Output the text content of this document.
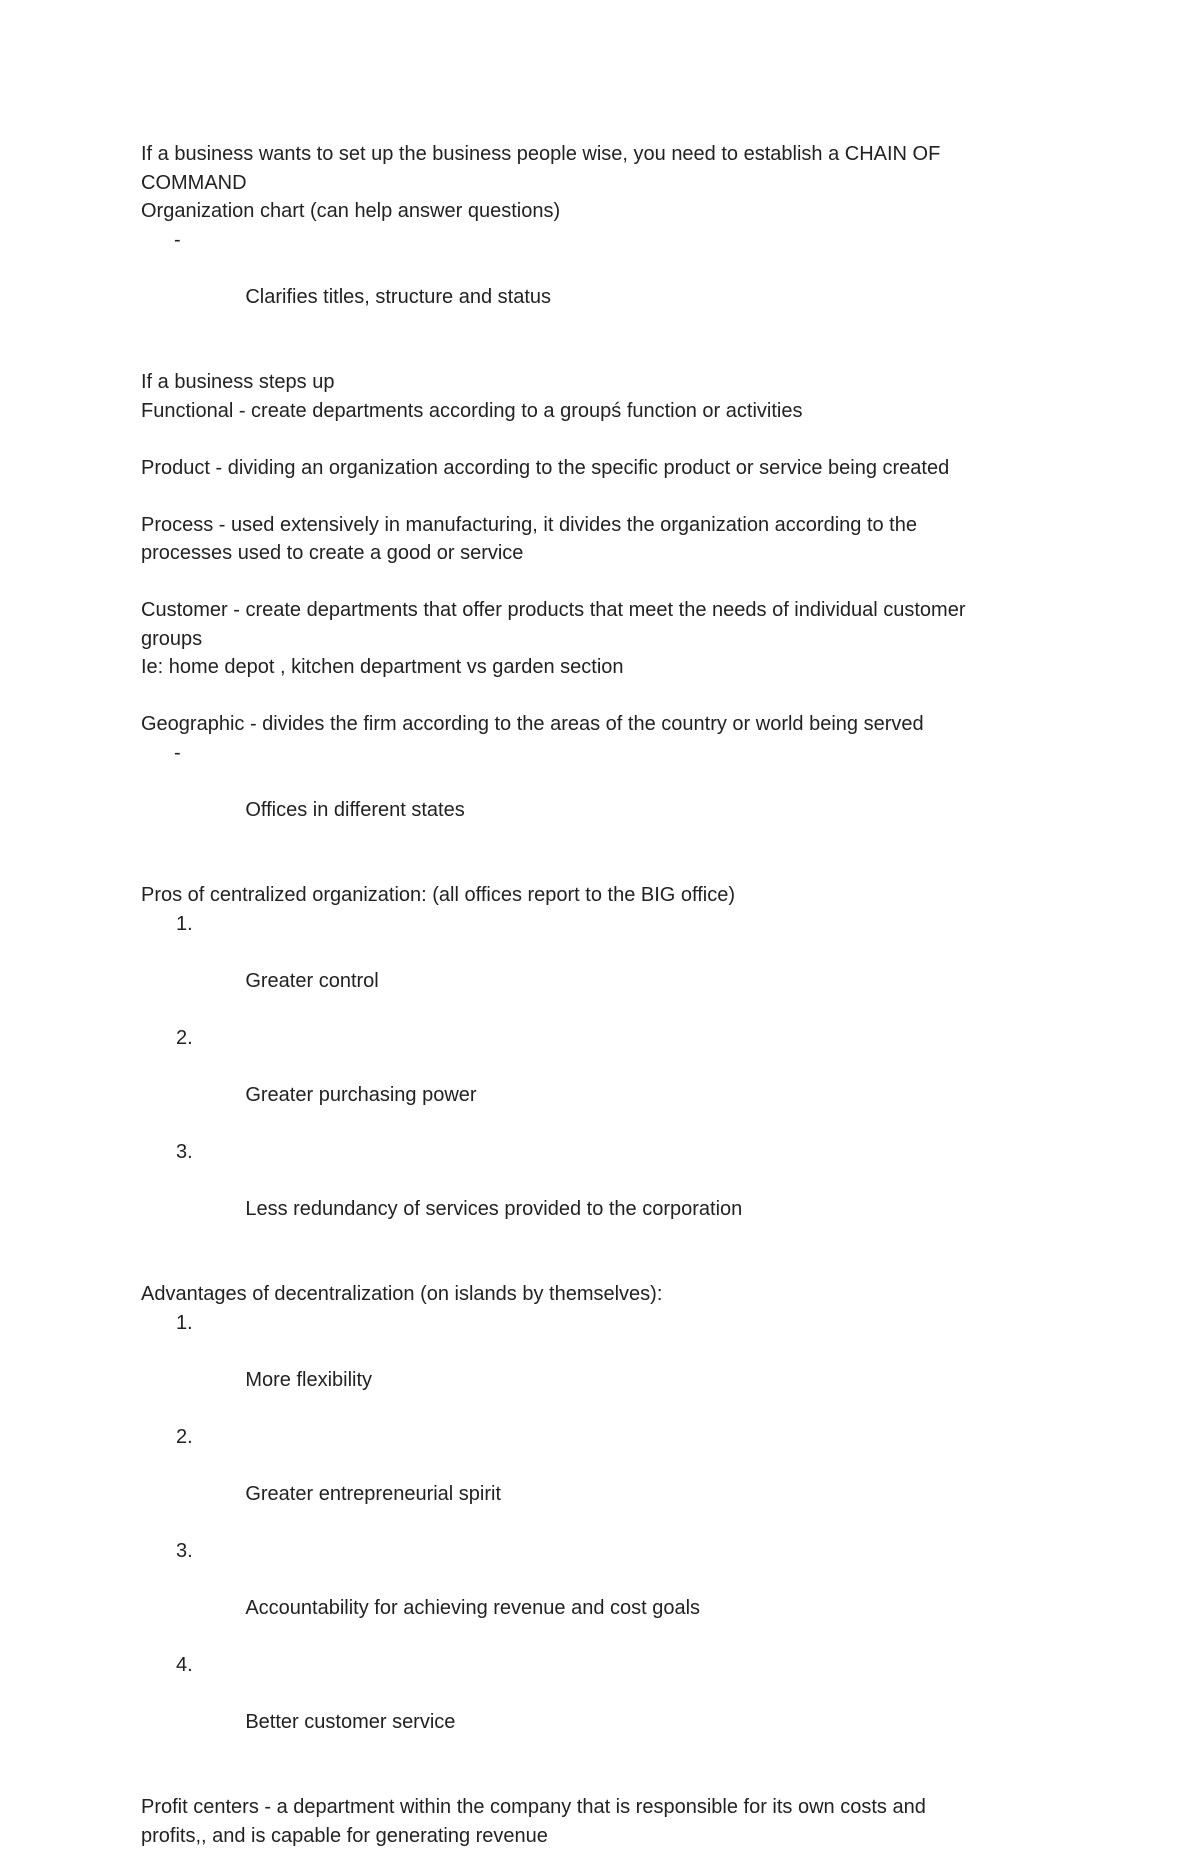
If a business wants to set up the business people wise, you need to establish a CHAIN OF

COMMAND

Organization chart (can help answer questions)

-

Clarifies titles, structure and status

If a business steps up

Functional - create departments according to a groupś function or activities

Product - dividing an organization according to the specific product or service being created

Process - used extensively in manufacturing, it divides the organization according to the

processes used to create a good or service

Customer - create departments that offer products that meet the needs of individual customer

groups

Ie: home depot , kitchen department vs garden section

Geographic - divides the firm according to the areas of the country or world being served

-

Offices in different states

Pros of centralized organization: (all offices report to the BIG office)

1.

Greater control

2.

Greater purchasing power

3.

Less redundancy of services provided to the corporation

Advantages of decentralization (on islands by themselves):

1.

More flexibility

2.

Greater entrepreneurial spirit

3.

Accountability for achieving revenue and cost goals

4.

Better customer service

Profit centers - a department within the company that is responsible for its own costs and

profits,, and is capable for generating revenue
